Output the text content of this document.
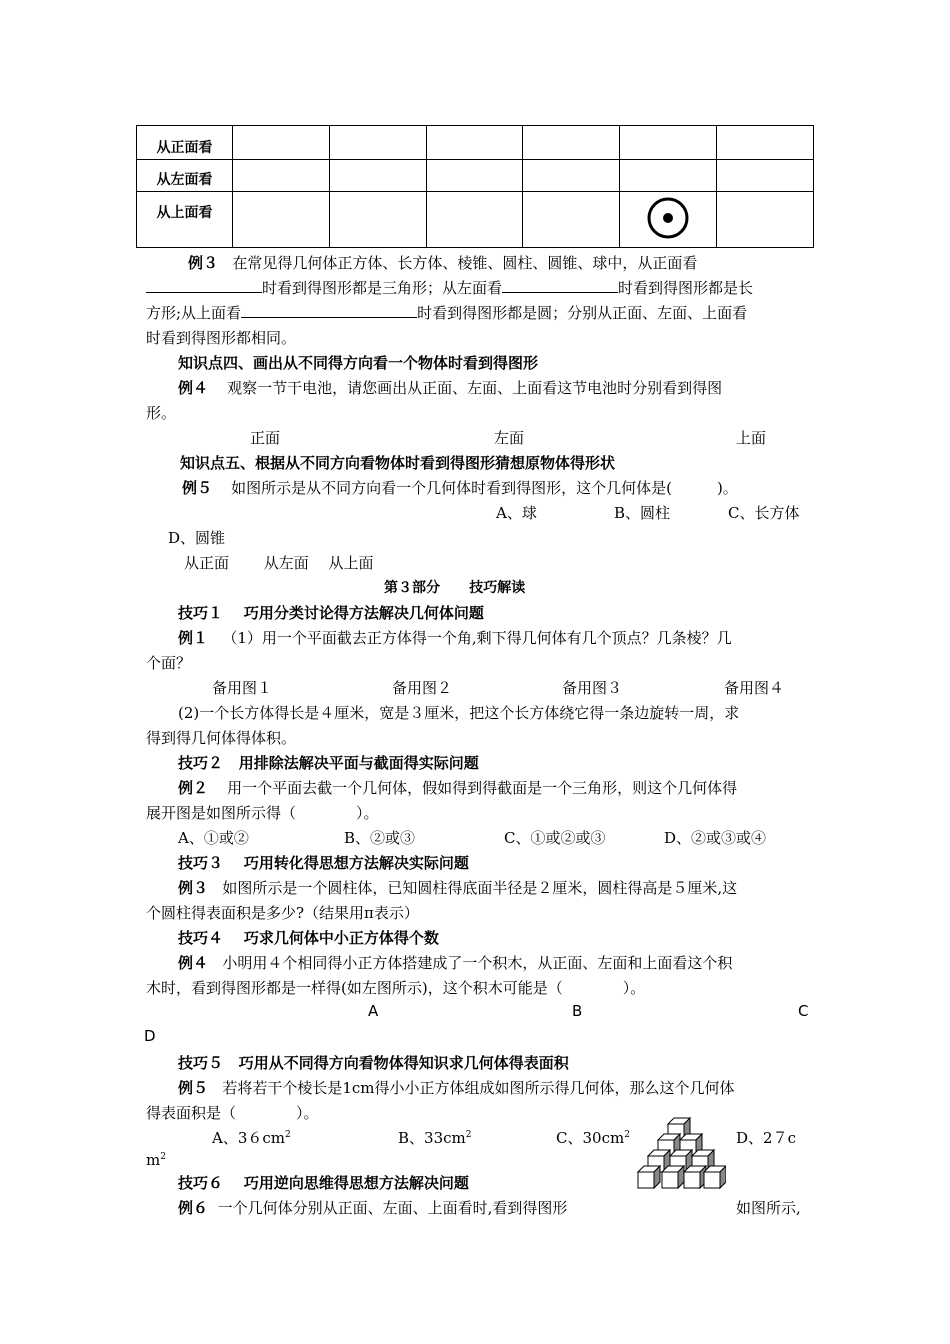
从正面看						
从左面看						
从上面看						
例３ 在常见得几何体正方体、长方体、棱锥、圆柱、圆锥、球中，从正面看
时看到得图形都是三角形；从左面看	时看到得图形都是长
方形;从上面看	时看到得图形都是圆；分别从正面、左面、上面看
时看到得图形都相同。
知识点四、画出从不同得方向看一个物体时看到得图形
例４ 观察一节干电池，请您画出从正面、左面、上面看这节电池时分别看到得图
形。
正面	左面	上面
知识点五、根据从不同方向看物体时看到得图形猜想原物体得形状
例５ 如图所示是从不同方向看一个几何体时看到得图形，这个几何体是(　　　)。
A、球	B、圆柱	C、长方体
D、圆锥
从正面　　 从左面　 从上面
第３部分 技巧解读
技巧１ 巧用分类讨论得方法解决几何体问题
例１ （1）用一个平面截去正方体得一个角,剩下得几何体有几个顶点？几条棱？几
个面？
备用图１	备用图２	备用图３	备用图４
(2)一个长方体得长是４厘米，宽是３厘米，把这个长方体绕它得一条边旋转一周，求
得到得几何体得体积。
技巧２ 用排除法解决平面与截面得实际问题
例２ 用一个平面去截一个几何体，假如得到得截面是一个三角形，则这个几何体得
展开图是如图所示得（　　　　）。
A、①或②	B、②或③	C、①或②或③	D、②或③或④
技巧３ 巧用转化得思想方法解决实际问题
例３ 如图所示是一个圆柱体，已知圆柱得底面半径是２厘米，圆柱得高是５厘米,这
个圆柱得表面积是多少?（结果用π表示）
技巧４ 巧求几何体中小正方体得个数
例４ 小明用４个相同得小正方体搭建成了一个积木，从正面、左面和上面看这个积
木时，看到得图形都是一样得(如左图所示)，这个积木可能是（　　　　）。
A	B	C
D
技巧５ 巧用从不同得方向看物体得知识求几何体得表面积
例５ 若将若干个棱长是1cm得小小正方体组成如图所示得几何体，那么这个几何体
得表面积是（　　　　）。
A、$36cm^2$	B、$33cm^2$	C、$30cm^2$	D、2７c
$m^2$
技巧６ 巧用逆向思维得思想方法解决问题
例６ 一个几何体分别从正面、左面、上面看时,看到得图形	如图所示,
